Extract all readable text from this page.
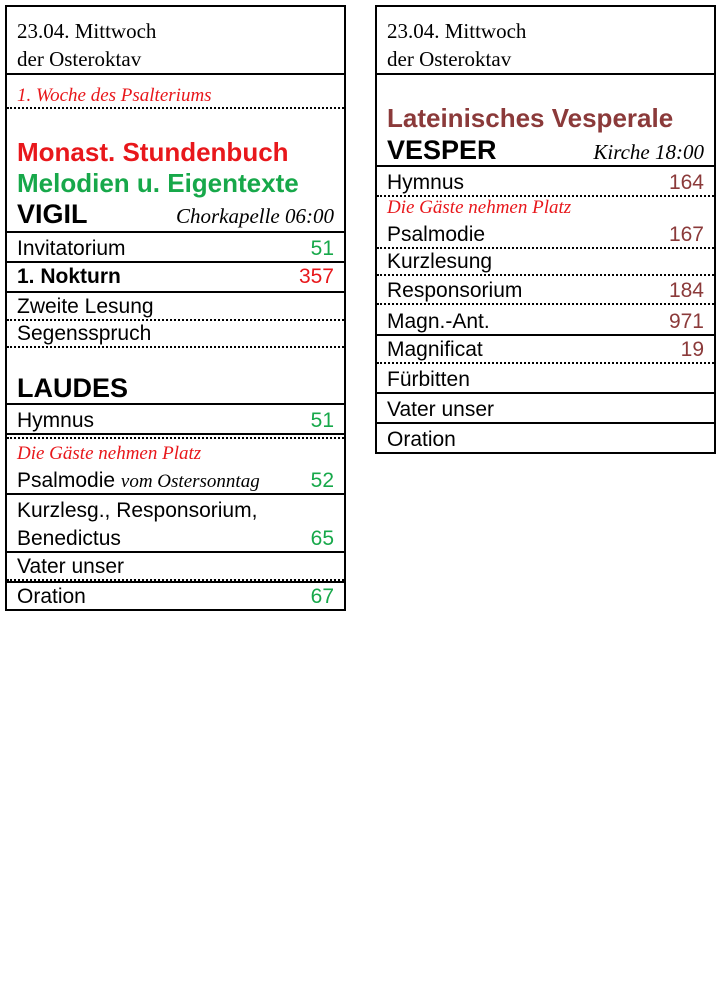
23.04. Mittwoch
der Osteroktav
1. Woche des Psalteriums
Monast. Stundenbuch
Melodien u. Eigentexte
VIGIL	Chorkapelle 06:00
Invitatorium	51
1. Nokturn	357
Zweite Lesung
Segensspruch
LAUDES
Hymnus	51
Die Gäste nehmen Platz
Psalmodie vom Ostersonntag 52
Kurzlesg., Responsorium,
Benedictus	65
Vater unser
Oration	67
23.04. Mittwoch
der Osteroktav
Lateinisches Vesperale
VESPER	Kirche 18:00
Hymnus	164
Die Gäste nehmen Platz
Psalmodie	167
Kurzlesung
Responsorium	184
Magn.-Ant.	971
Magnificat	19
Fürbitten
Vater unser
Oration
